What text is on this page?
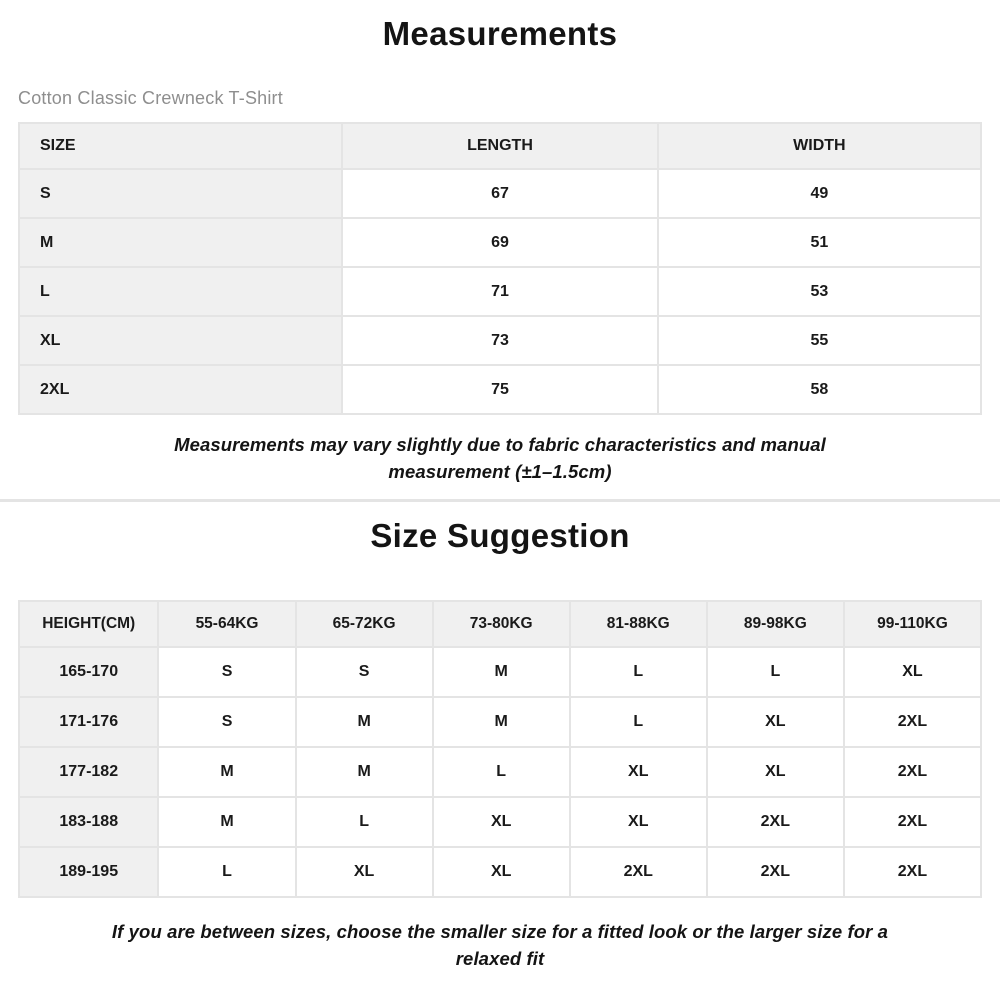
Measurements
Cotton Classic Crewneck T-Shirt
SIZE	LENGTH	WIDTH
S	67	49
M	69	51
L	71	53
XL	73	55
2XL	75	58

Measurements may vary slightly due to fabric characteristics and manual measurement (±1–1.5cm)

Size Suggestion
HEIGHT(CM)	55-64KG	65-72KG	73-80KG	81-88KG	89-98KG	99-110KG
165-170	S	S	M	L	L	XL
171-176	S	M	M	L	XL	2XL
177-182	M	M	L	XL	XL	2XL
183-188	M	L	XL	XL	2XL	2XL
189-195	L	XL	XL	2XL	2XL	2XL

If you are between sizes, choose the smaller size for a fitted look or the larger size for a relaxed fit
